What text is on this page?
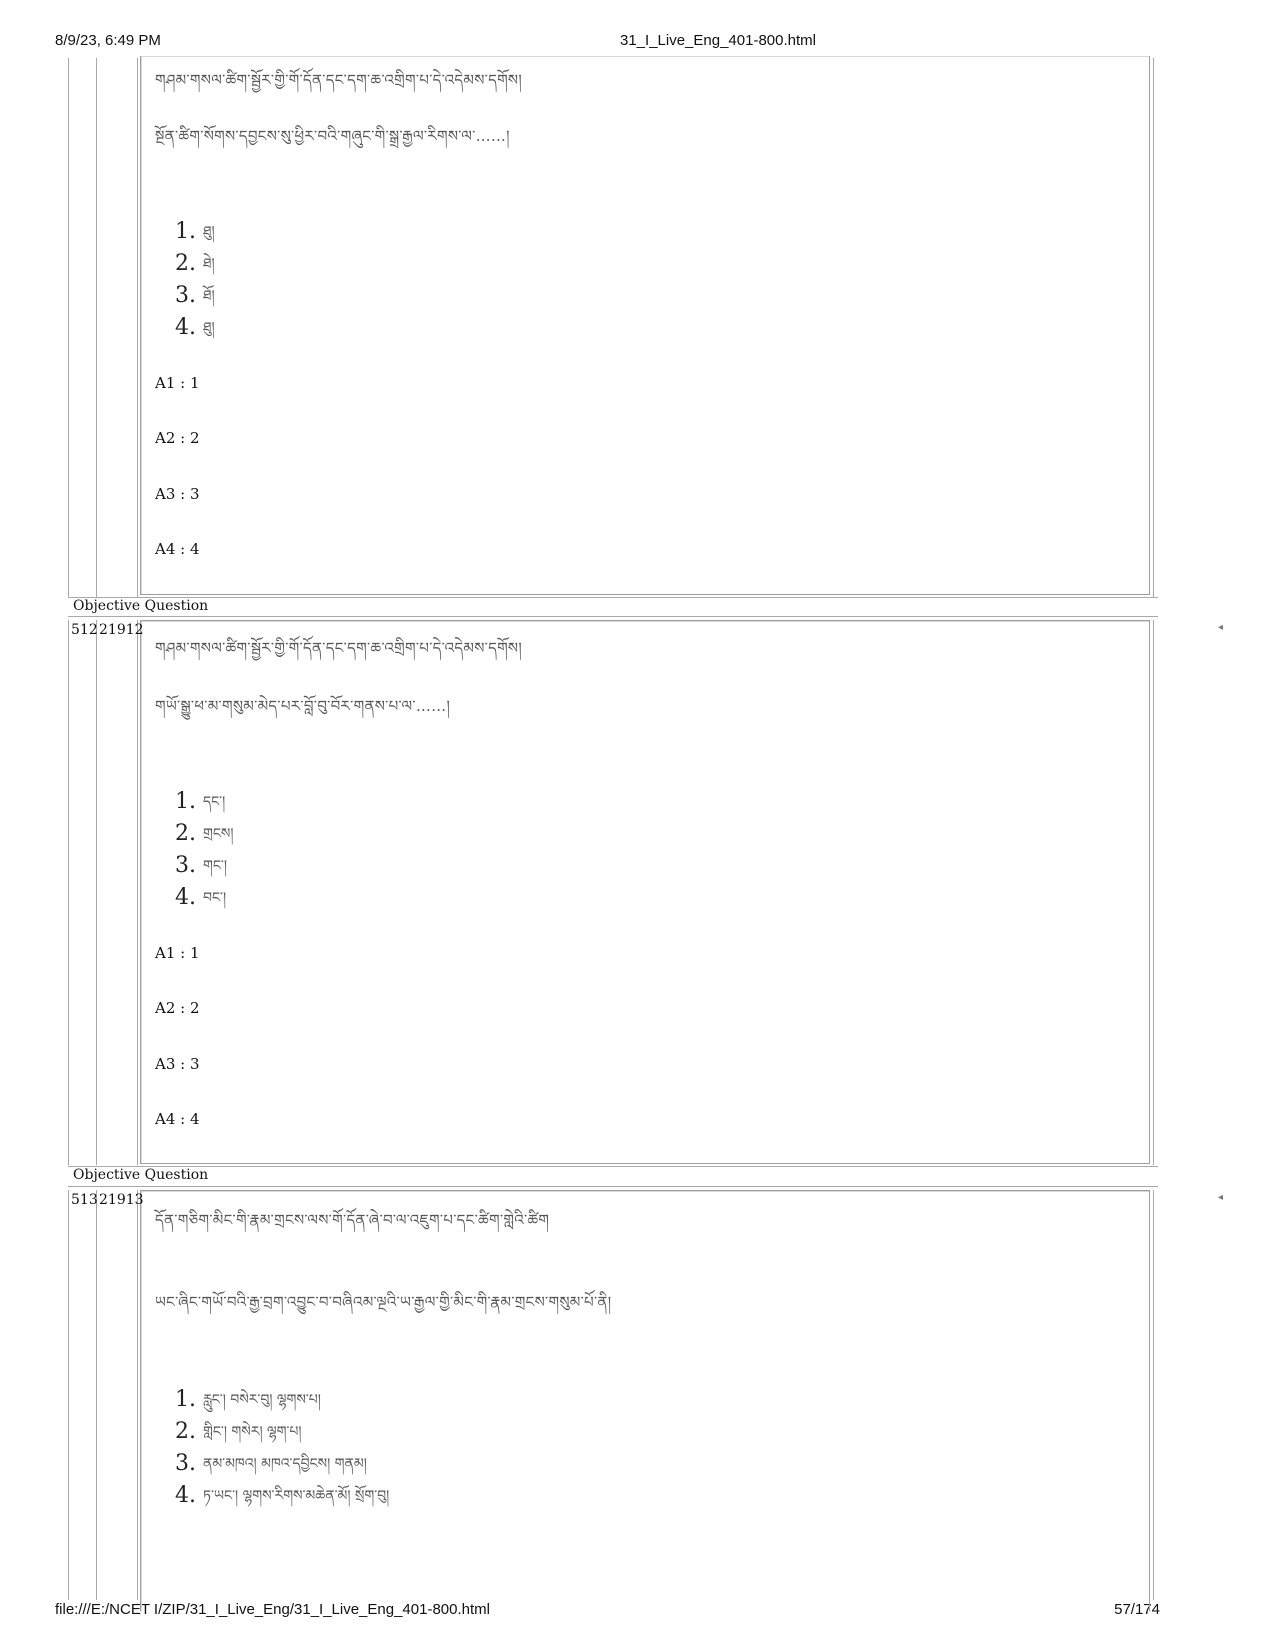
8/9/23, 6:49 PM	31_I_Live_Eng_401-800.html
file:///E:/NCET I/ZIP/31_I_Live_Eng/31_I_Live_Eng_401-800.html	57/174
གཤམ་གསལ་ཚིག་སྦྱོར་གྱི་གོ་དོན་དང་དག་ཆ་འགྲིག་པ་དེ་འདེམས་དགོས།
སྔོན་ཚིག་སོགས་དབྱངས་སུ་ཕྱིར་བའི་གཞུང་གི་སྒྲ་རྒྱལ་རིགས་ལ་……།
1. ཐུ།
2. ཐེ།
3. ཐོ།
4. ཐུ།
A1 : 1
A2 : 2
A3 : 3
A4 : 4
Objective Question
512 21912	◂
གཤམ་གསལ་ཚིག་སྦྱོར་གྱི་གོ་དོན་དང་དག་ཆ་འགྲིག་པ་དེ་འདེམས་དགོས།
གཡོ་སྒྱུ་ཕ་མ་གསུམ་མེད་པར་བློ་བུ་བོར་གནས་པ་ལ་……།
1. དང་།
2. གྲངས།
3. གང་།
4. བང་།
A1 : 1
A2 : 2
A3 : 3
A4 : 4
Objective Question
513 21913	◂
དོན་གཅིག་མིང་གི་རྣམ་གྲངས་ལས་གོ་དོན་ཞེ་བ་ལ་འཇུག་པ་དང་ཚིག་གླེའི་ཚིག
ཡང་ཞིང་གཡོ་བའི་རྒྱ་བྲག་འབྱུང་བ་བཞིའམ་ལྔའི་ཡ་རྒྱལ་གྱི་མིང་གི་རྣམ་གྲངས་གསུམ་པོ་ནི།
1. རླུང་། བསེར་བུ། ལྷགས་པ།
2. གླིང་། གསེར། ལྷག་པ།
3. ནམ་མཁའ། མཁའ་དབྱིངས། གནམ།
4. ཏ་ཡང་། ལྷགས་རིགས་མཆེན་མོ། སྲོག་བུ།
